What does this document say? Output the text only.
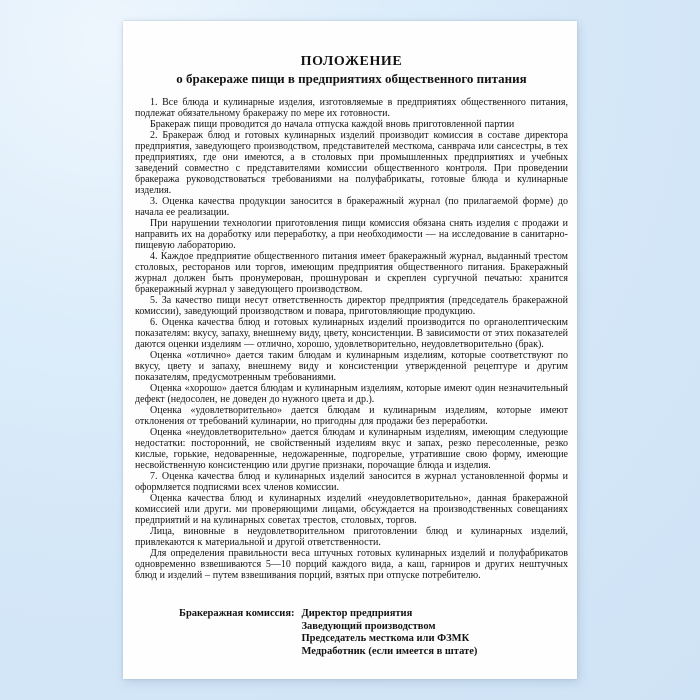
ПОЛОЖЕНИЕ
о бракераже пищи в предприятиях общественного питания

1. Все блюда и кулинарные изделия, изготовляемые в предприятиях общественного питания, подлежат обязательному бракеражу по мере их готовности.

Бракераж пищи проводится до начала отпуска каждой вновь приготовленной партии

2. Бракераж блюд и готовых кулинарных изделий производит комиссия в составе директора предприятия, заведующего производством, представителей месткома, санврача или сансестры, в тех предприятиях, где они имеются, а в столовых при промышленных предприятиях и учебных заведений совместно с представителями комиссии общественного контроля. При проведении бракеража руководствоваться требованиями на полуфабрикаты, готовые блюда и кулинарные изделия.

3. Оценка качества продукции заносится в бракеражный журнал (по прилагаемой форме) до начала ее реализации.

При нарушении технологии приготовления пищи комиссия обязана снять изделия с продажи и направить их на доработку или переработку, а при необходимости — на исследование в санитарно-пищевую лабораторию.

4. Каждое предприятие общественного питания имеет бракеражный журнал, выданный трестом столовых, ресторанов или торгов, имеющим предприятия общественного питания. Бракеражный журнал должен быть пронумерован, прошнурован и скреплен сургучной печатью: хранится бракеражный журнал у заведующего производством.

5. За качество пищи несут ответственность директор предприятия (председатель бракеражной комиссии), заведующий производством и повара, приготовляющие продукцию.

6. Оценка качества блюд и готовых кулинарных изделий производится по органолептическим показателям: вкусу, запаху, внешнему виду, цвету, консистенции. В зависимости от этих показателей даются оценки изделиям — отлично, хорошо, удовлетворительно, неудовлетворительно (брак).

Оценка «отлично» дается таким блюдам и кулинарным изделиям, которые соответствуют по вкусу, цвету и запаху, внешнему виду и консистенции утвержденной рецептуре и другим показателям, предусмотренным требованиями.

Оценка «хорошо» дается блюдам и кулинарным изделиям, которые имеют один незначительный дефект (недосолен, не доведен до нужного цвета и др.).

Оценка «удовлетворительно» дается блюдам и кулинарным изделиям, которые имеют отклонения от требований кулинарии, но пригодны для продажи без переработки.

Оценка «неудовлетворительно» дается блюдам и кулинарным изделиям, имеющим следующие недостатки: посторонний, не свойственный изделиям вкус и запах, резко пересоленные, резко кислые, горькие, недоваренные, недожаренные, подгорелые, утратившие свою форму, имеющие несвойственную консистенцию или другие признаки, порочащие блюда и изделия.

7. Оценка качества блюд и кулинарных изделий заносится в журнал установленной формы и оформляется подписями всех членов комиссии.

Оценка качества блюд и кулинарных изделий «неудовлетворительно», данная бракеражной комиссией или други. ми проверяющими лицами, обсуждается на производственных совещаниях предприятий и на кулинарных советах трестов, столовых, торгов.

Лица, виновные в неудовлетворительном приготовлении блюд и кулинарных изделий, привлекаются к материальной и другой ответственности.

Для определения правильности веса штучных готовых кулинарных изделий и полуфабрикатов одновременно взвешиваются 5—10 порций каждого вида, а каш, гарниров и других нештучных блюд и изделий – путем взвешивания порций, взятых при отпуске потребителю.

Бракеражная комиссия: Директор предприятия
Заведующий производством
Председатель месткома или ФЗМК
Медработник (если имеется в штате)
